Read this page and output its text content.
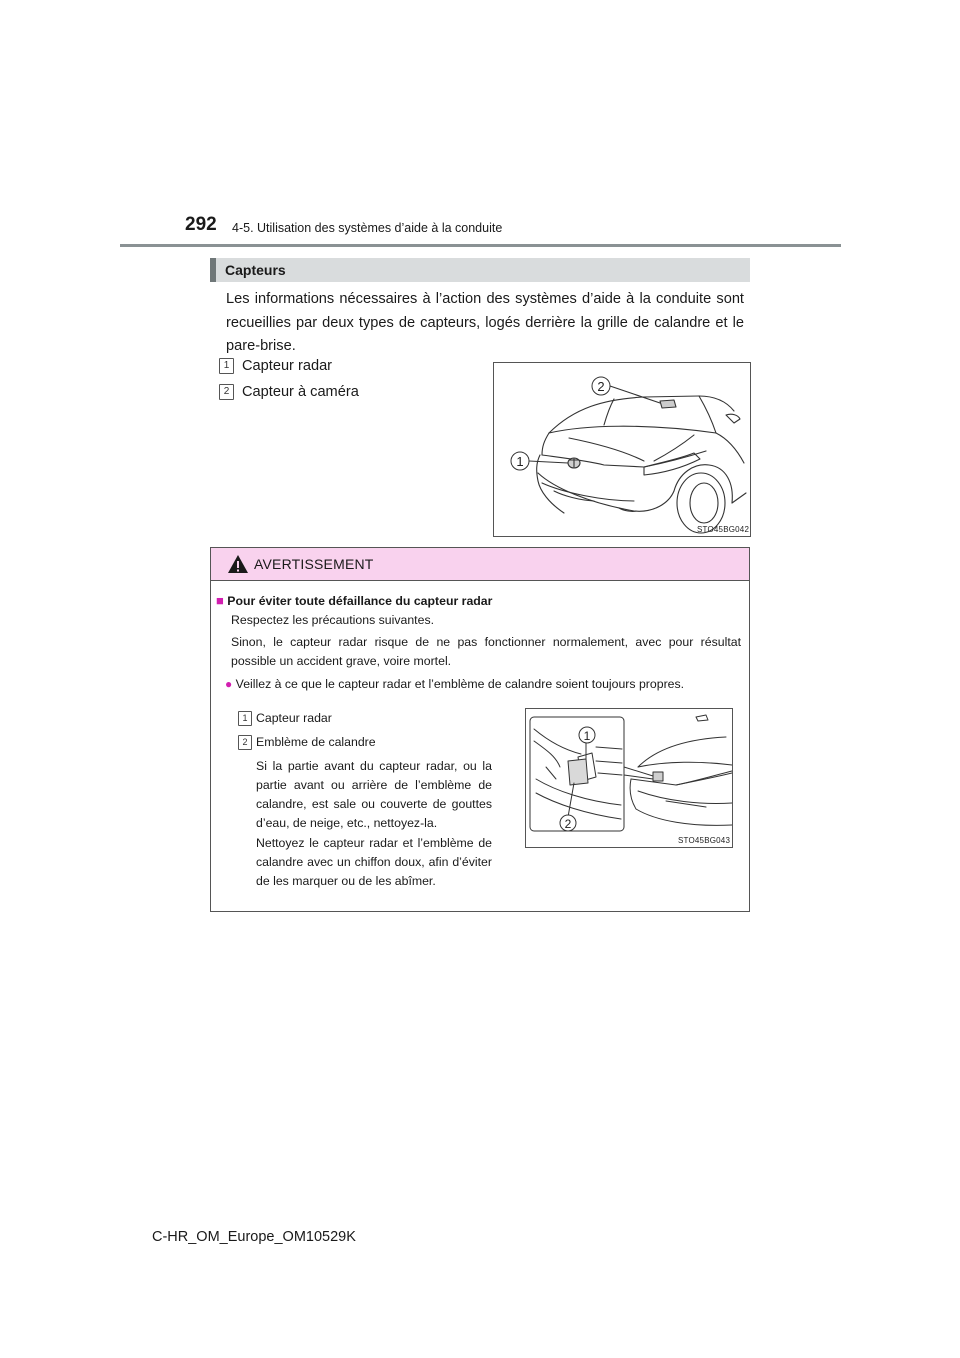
292 4-5. Utilisation des systèmes d’aide à la conduite
Capteurs
Les informations nécessaires à l’action des systèmes d’aide à la conduite sont recueillies par deux types de capteurs, logés derrière la grille de calandre et le pare-brise.
1 Capteur radar
2 Capteur à caméra
1
2
STO45BG042
AVERTISSEMENT
■ Pour éviter toute défaillance du capteur radar
Respectez les précautions suivantes.
Sinon, le capteur radar risque de ne pas fonctionner normalement, avec pour résultat possible un accident grave, voire mortel.
● Veillez à ce que le capteur radar et l’emblème de calandre soient toujours propres.
1 Capteur radar
2 Emblème de calandre
Si la partie avant du capteur radar, ou la partie avant ou arrière de l’emblème de calandre, est sale ou couverte de gouttes d’eau, de neige, etc., nettoyez-la.
Nettoyez le capteur radar et l’emblème de calandre avec un chiffon doux, afin d’éviter de les marquer ou de les abîmer.
1
2
STO45BG043
C-HR_OM_Europe_OM10529K
